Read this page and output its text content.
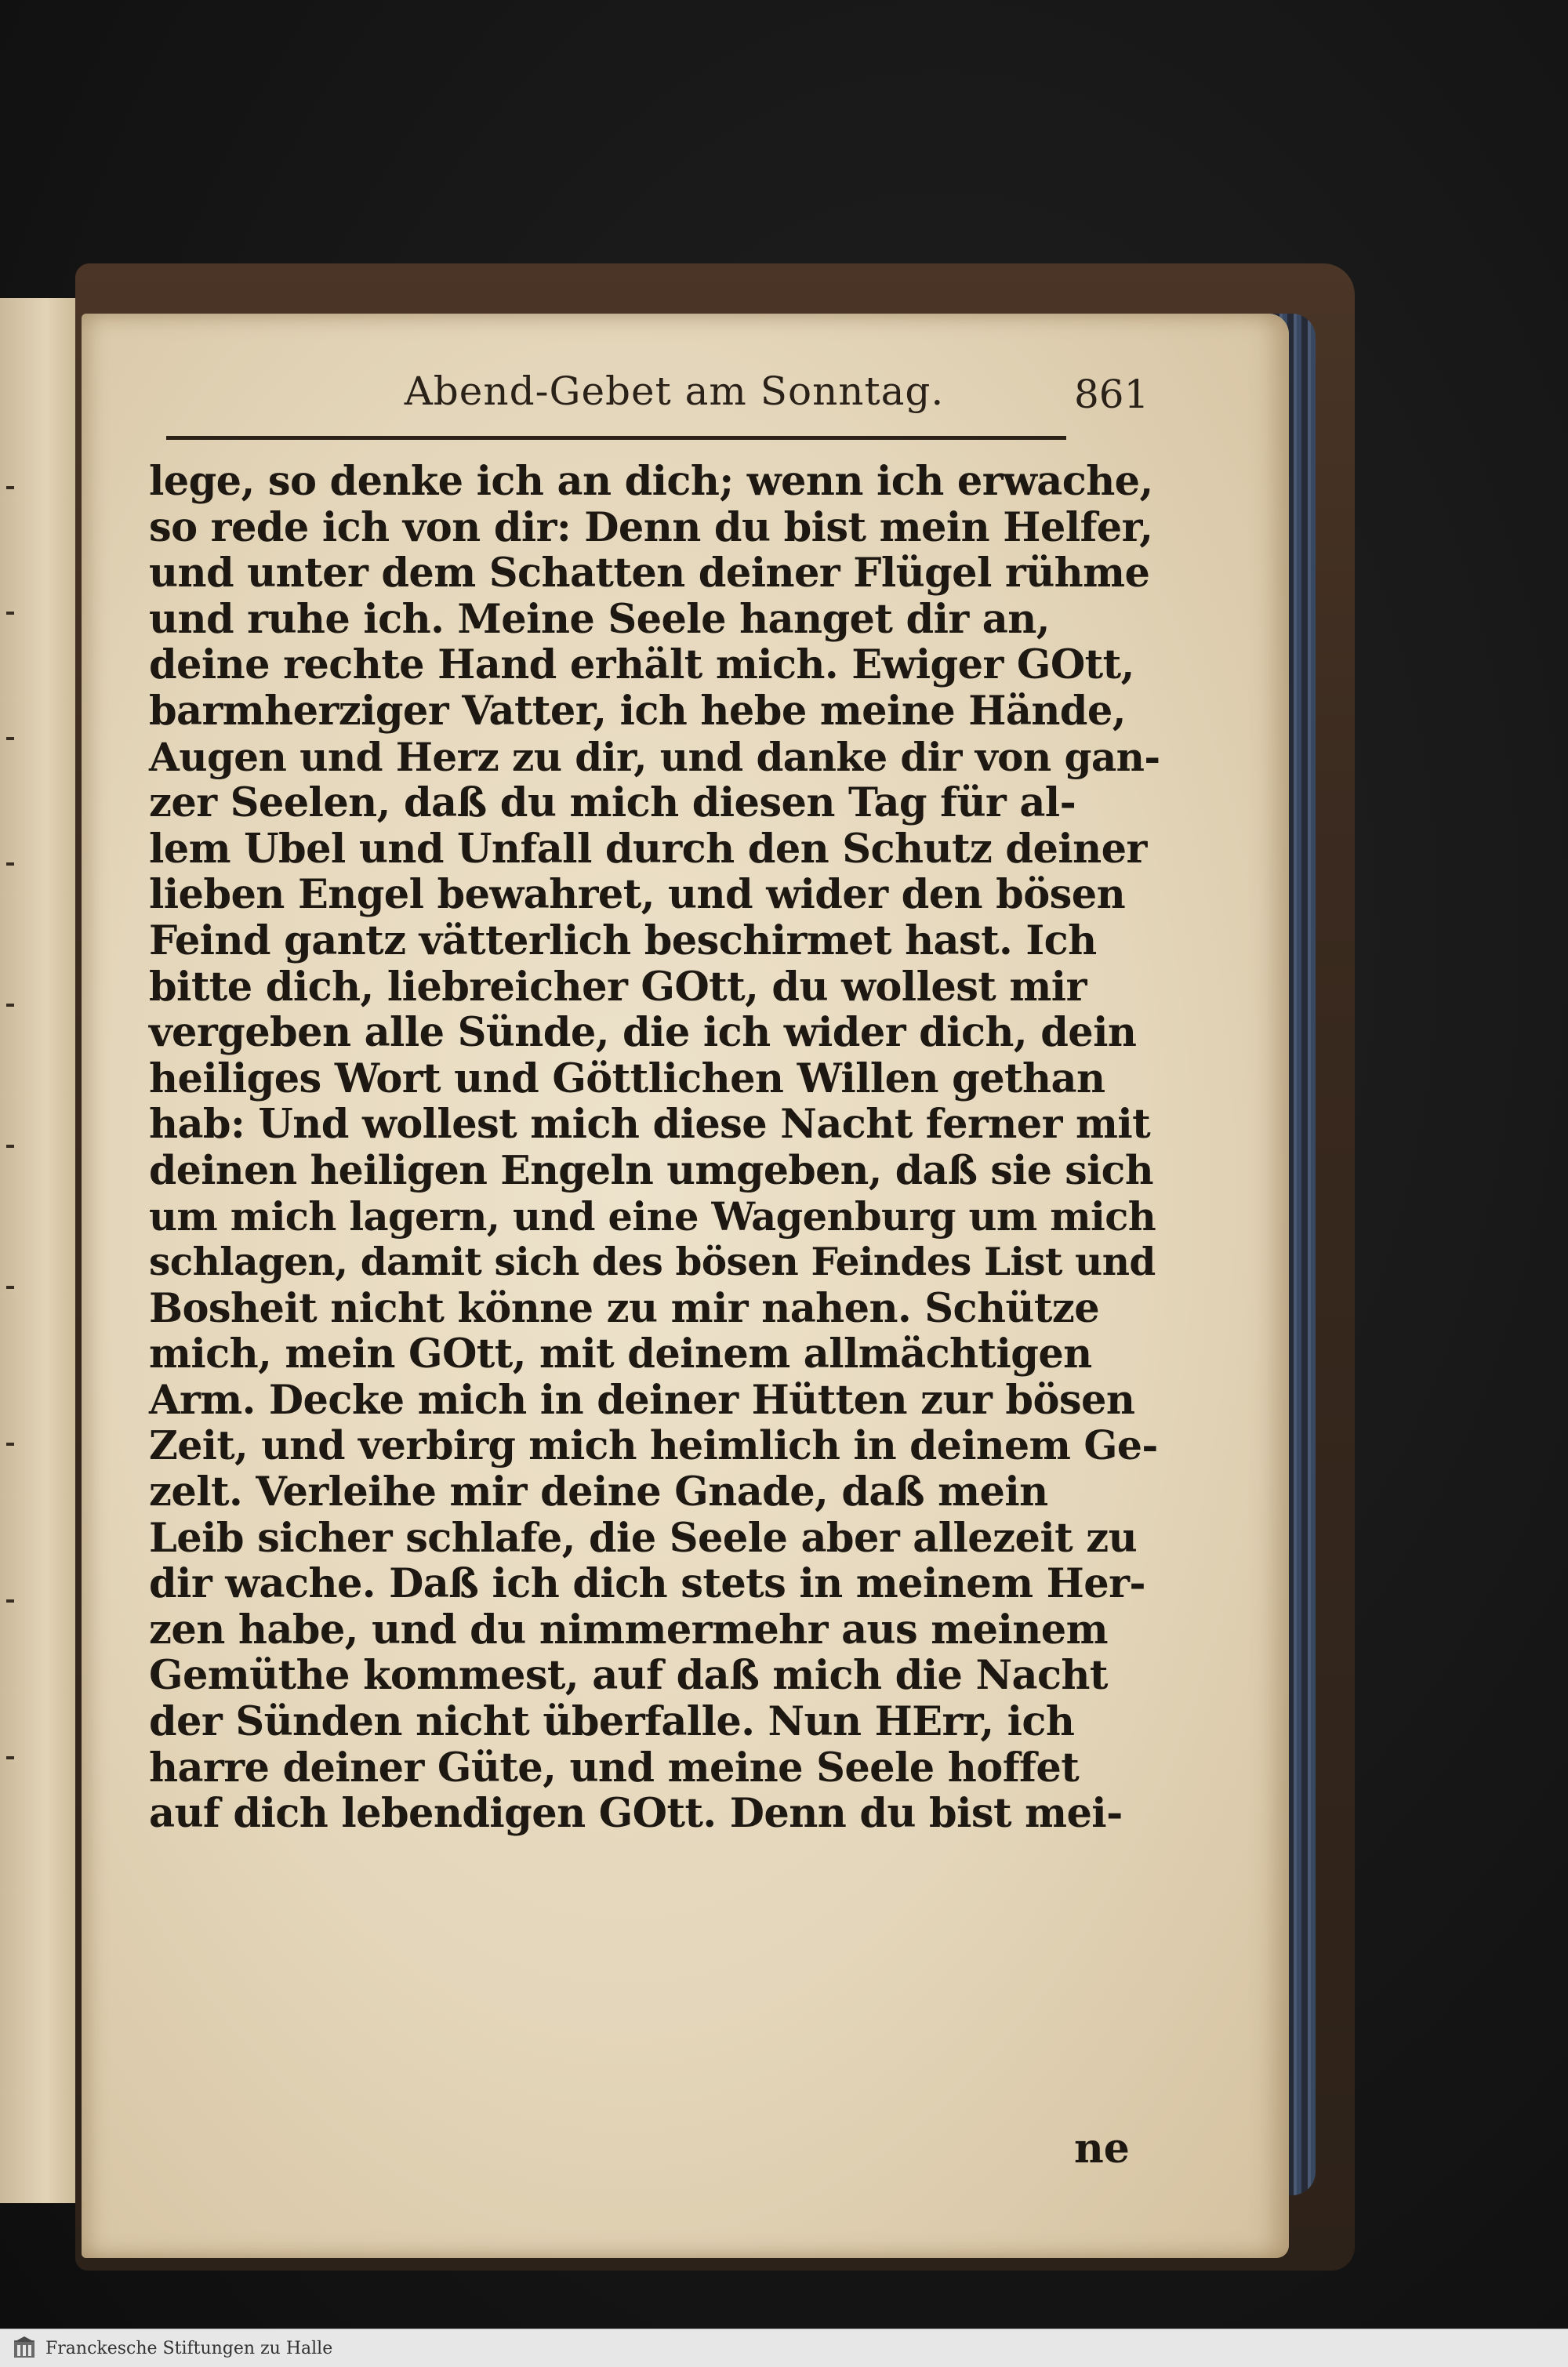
Abend-Gebet am Sonntag.	861
lege, so denke ich an dich; wenn ich erwache,
so rede ich von dir: Denn du bist mein Helfer,
und unter dem Schatten deiner Flügel rühme
und ruhe ich. Meine Seele hanget dir an,
deine rechte Hand erhält mich. Ewiger GOtt,
barmherziger Vatter, ich hebe meine Hände,
Augen und Herz zu dir, und danke dir von gan-
zer Seelen, daß du mich diesen Tag für al-
lem Ubel und Unfall durch den Schutz deiner
lieben Engel bewahret, und wider den bösen
Feind gantz vätterlich beschirmet hast. Ich
bitte dich, liebreicher GOtt, du wollest mir
vergeben alle Sünde, die ich wider dich, dein
heiliges Wort und Göttlichen Willen gethan
hab: Und wollest mich diese Nacht ferner mit
deinen heiligen Engeln umgeben, daß sie sich
um mich lagern, und eine Wagenburg um mich
schlagen, damit sich des bösen Feindes List und
Bosheit nicht könne zu mir nahen. Schütze
mich, mein GOtt, mit deinem allmächtigen
Arm. Decke mich in deiner Hütten zur bösen
Zeit, und verbirg mich heimlich in deinem Ge-
zelt. Verleihe mir deine Gnade, daß mein
Leib sicher schlafe, die Seele aber allezeit zu
dir wache. Daß ich dich stets in meinem Her-
zen habe, und du nimmermehr aus meinem
Gemüthe kommest, auf daß mich die Nacht
der Sünden nicht überfalle. Nun HErr, ich
harre deiner Güte, und meine Seele hoffet
auf dich lebendigen GOtt. Denn du bist mei-
ne
Franckesche Stiftungen zu Halle
